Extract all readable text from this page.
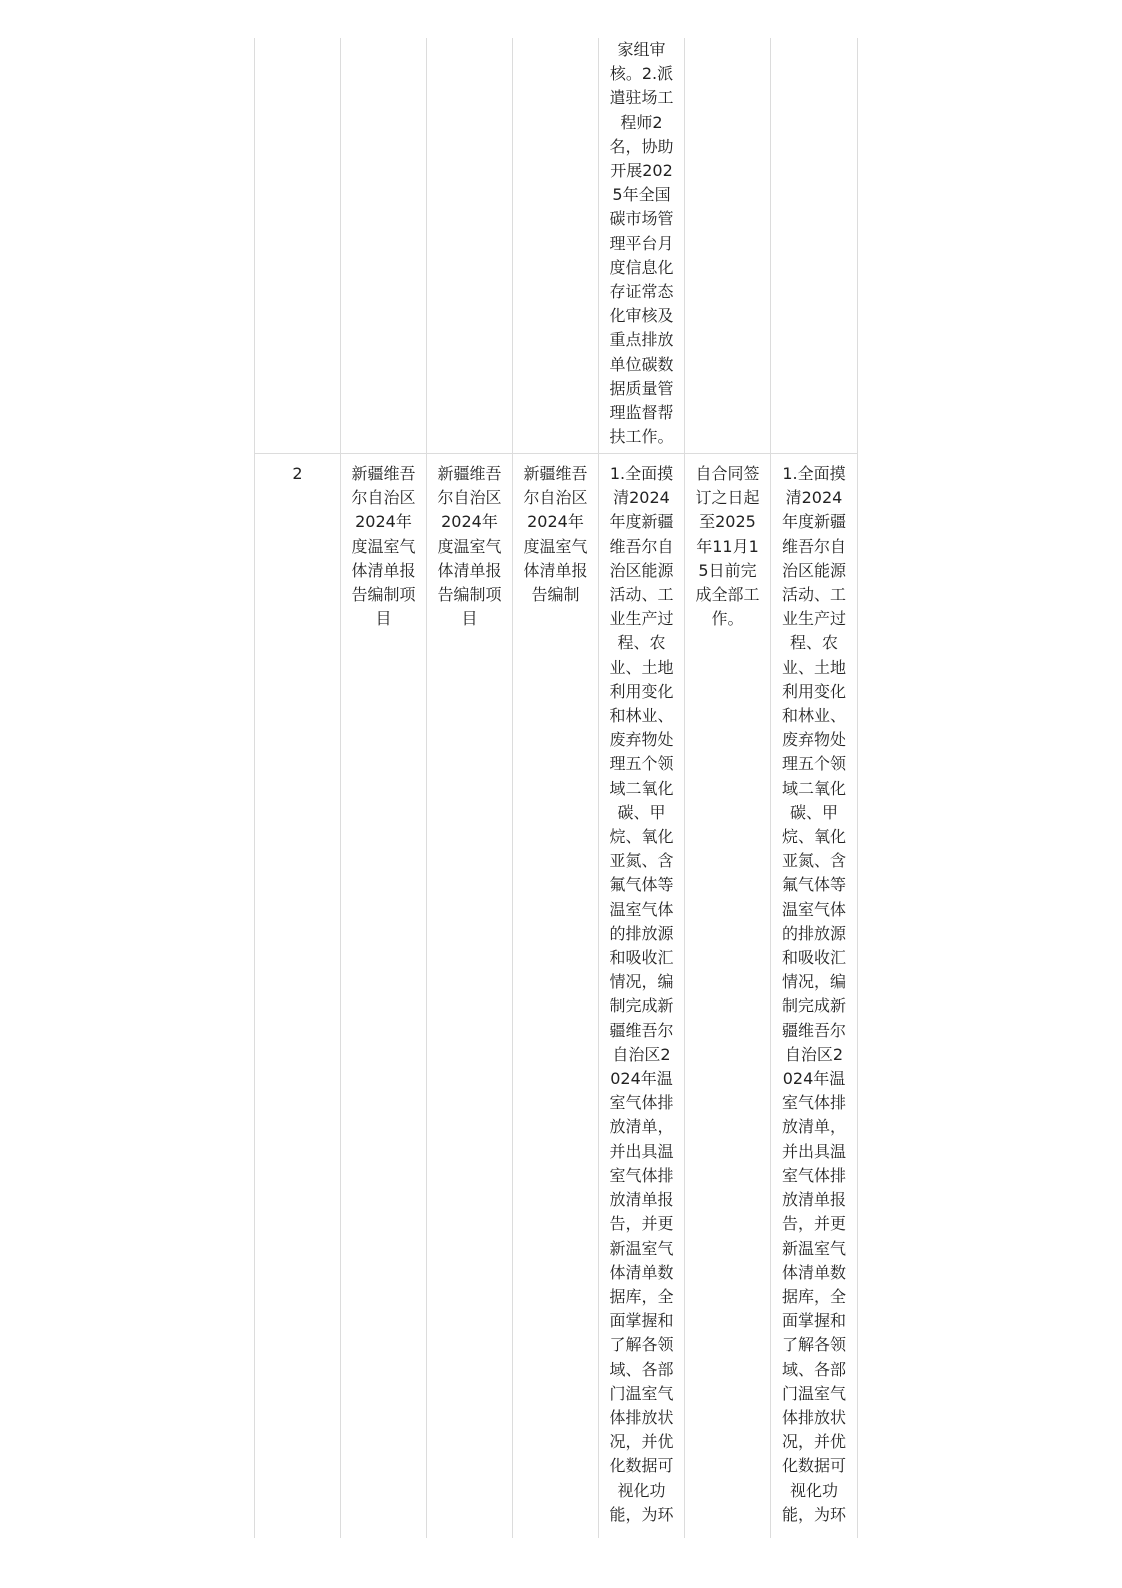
				家组审核。2.派遣驻场工程师2名，协助开展2025年全国碳市场管理平台月度信息化存证常态化审核及重点排放单位碳数据质量管理监督帮扶工作。		

2	新疆维吾尔自治区2024年度温室气体清单报告编制项目	新疆维吾尔自治区2024年度温室气体清单报告编制项目	新疆维吾尔自治区2024年度温室气体清单报告编制	1.全面摸清2024年度新疆维吾尔自治区能源活动、工业生产过程、农业、土地利用变化和林业、废弃物处理五个领域二氧化碳、甲烷、氧化亚氮、含氟气体等温室气体的排放源和吸收汇情况，编制完成新疆维吾尔自治区2024年温室气体排放清单，并出具温室气体排放清单报告，并更新温室气体清单数据库，全面掌握和了解各领域、各部门温室气体排放状况，并优化数据可视化功能，为环	自合同签订之日起至2025年11月15日前完成全部工作。	1.全面摸清2024年度新疆维吾尔自治区能源活动、工业生产过程、农业、土地利用变化和林业、废弃物处理五个领域二氧化碳、甲烷、氧化亚氮、含氟气体等温室气体的排放源和吸收汇情况，编制完成新疆维吾尔自治区2024年温室气体排放清单，并出具温室气体排放清单报告，并更新温室气体清单数据库，全面掌握和了解各领域、各部门温室气体排放状况，并优化数据可视化功能，为环
